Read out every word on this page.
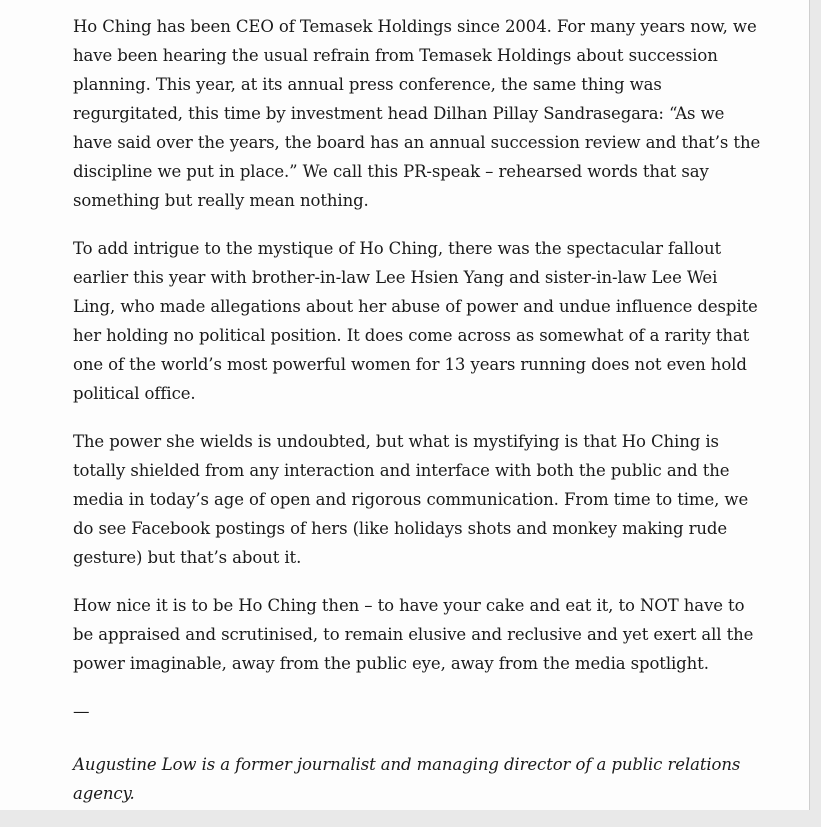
Ho Ching has been CEO of Temasek Holdings since 2004. For many years now, we have been hearing the usual refrain from Temasek Holdings about succession planning. This year, at its annual press conference, the same thing was regurgitated, this time by investment head Dilhan Pillay Sandrasegara: “As we have said over the years, the board has an annual succession review and that’s the discipline we put in place.” We call this PR-speak – rehearsed words that say something but really mean nothing.

To add intrigue to the mystique of Ho Ching, there was the spectacular fallout earlier this year with brother-in-law Lee Hsien Yang and sister-in-law Lee Wei Ling, who made allegations about her abuse of power and undue influence despite her holding no political position. It does come across as somewhat of a rarity that one of the world’s most powerful women for 13 years running does not even hold political office.

The power she wields is undoubted, but what is mystifying is that Ho Ching is totally shielded from any interaction and interface with both the public and the media in today’s age of open and rigorous communication. From time to time, we do see Facebook postings of hers (like holidays shots and monkey making rude gesture) but that’s about it.

How nice it is to be Ho Ching then – to have your cake and eat it, to NOT have to be appraised and scrutinised, to remain elusive and reclusive and yet exert all the power imaginable, away from the public eye, away from the media spotlight.

—

Augustine Low is a former journalist and managing director of a public relations agency.
